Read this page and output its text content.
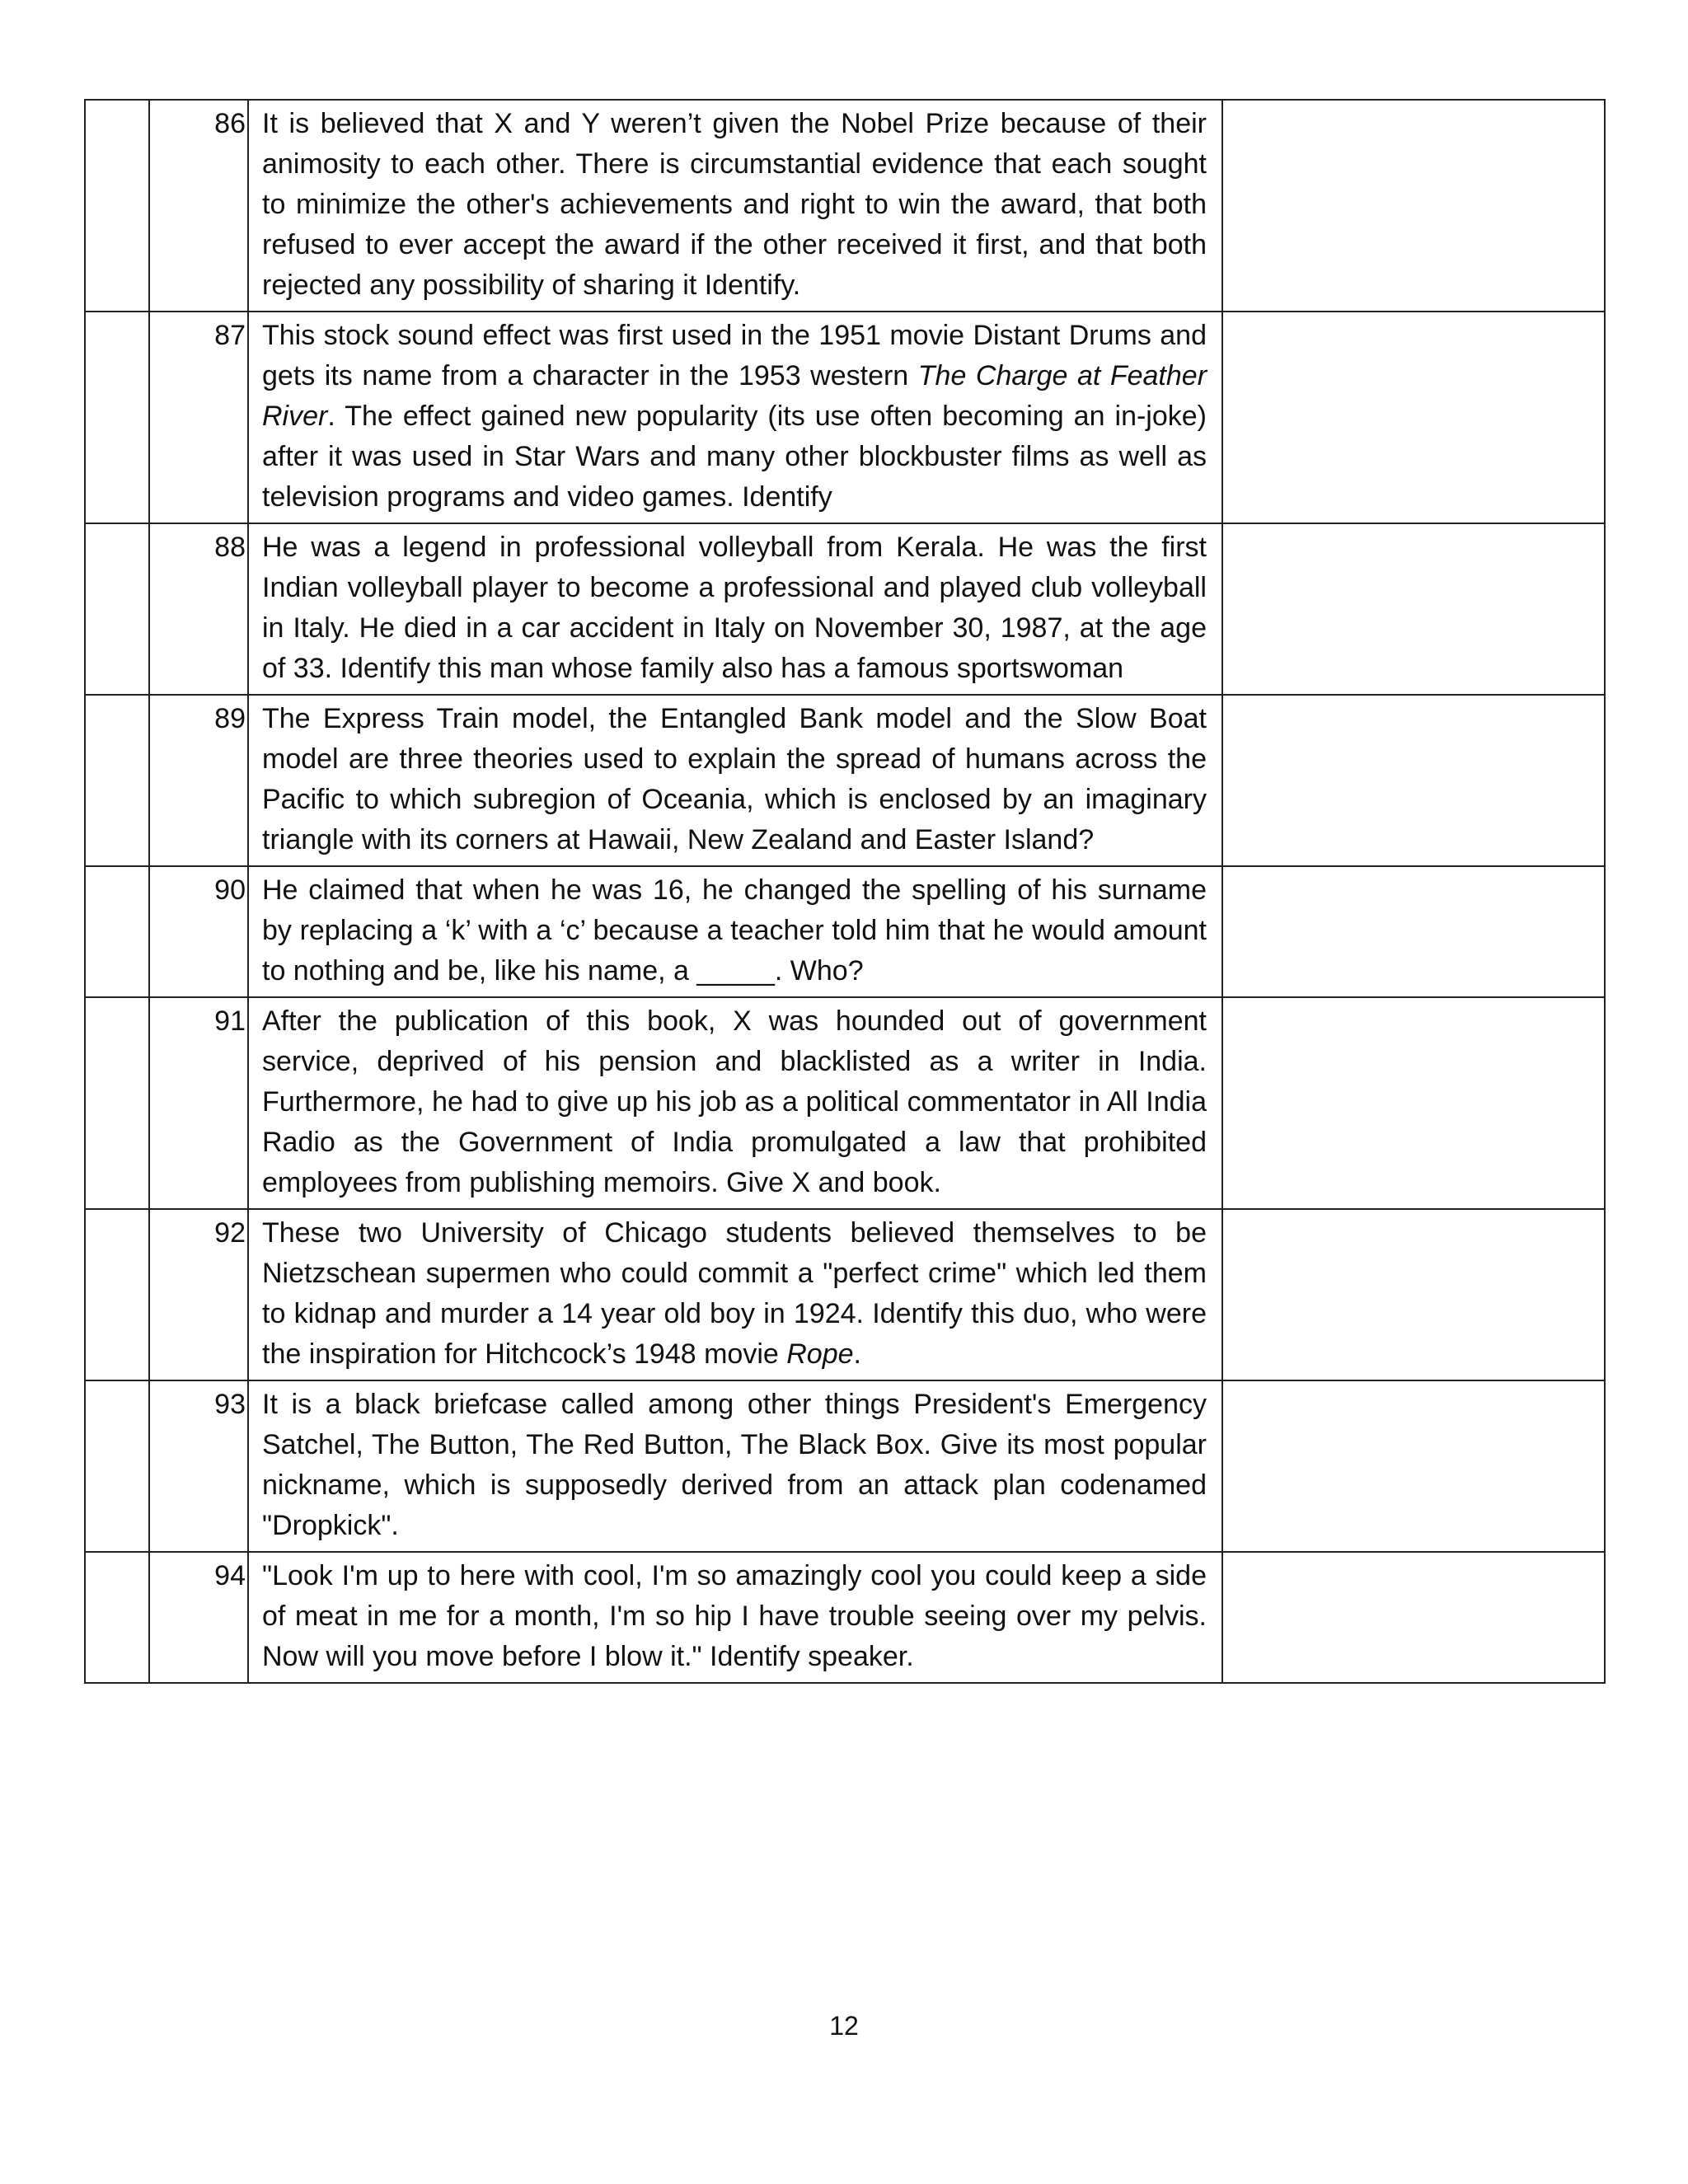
	86	It is believed that X and Y weren’t given the Nobel Prize because of their animosity to each other. There is circumstantial evidence that each sought to minimize the other's achievements and right to win the award, that both refused to ever accept the award if the other received it first, and that both rejected any possibility of sharing it Identify.	

	87	This stock sound effect was first used in the 1951 movie Distant Drums and gets its name from a character in the 1953 western The Charge at Feather River. The effect gained new popularity (its use often becoming an in-joke) after it was used in Star Wars and many other blockbuster films as well as television programs and video games. Identify	

	88	He was a legend in professional volleyball from Kerala. He was the first Indian volleyball player to become a professional and played club volleyball in Italy. He died in a car accident in Italy on November 30, 1987, at the age of 33. Identify this man whose family also has a famous sportswoman	

	89	The Express Train model, the Entangled Bank model and the Slow Boat model are three theories used to explain the spread of humans across the Pacific to which subregion of Oceania, which is enclosed by an imaginary triangle with its corners at Hawaii, New Zealand and Easter Island?	

	90	He claimed that when he was 16, he changed the spelling of his surname by replacing a ‘k’ with a ‘c’ because a teacher told him that he would amount to nothing and be, like his name, a _____. Who?	

	91	After the publication of this book, X was hounded out of government service, deprived of his pension and blacklisted as a writer in India. Furthermore, he had to give up his job as a political commentator in All India Radio as the Government of India promulgated a law that prohibited employees from publishing memoirs. Give X and book.	

	92	These two University of Chicago students believed themselves to be Nietzschean supermen who could commit a "perfect crime" which led them to kidnap and murder a 14 year old boy in 1924. Identify this duo, who were the inspiration for Hitchcock’s 1948 movie Rope.	

	93	It is a black briefcase called among other things President's Emergency Satchel, The Button, The Red Button, The Black Box. Give its most popular nickname, which is supposedly derived from an attack plan codenamed "Dropkick".	

	94	"Look I'm up to here with cool, I'm so amazingly cool you could keep a side of meat in me for a month, I'm so hip I have trouble seeing over my pelvis. Now will you move before I blow it." Identify speaker.	

12
